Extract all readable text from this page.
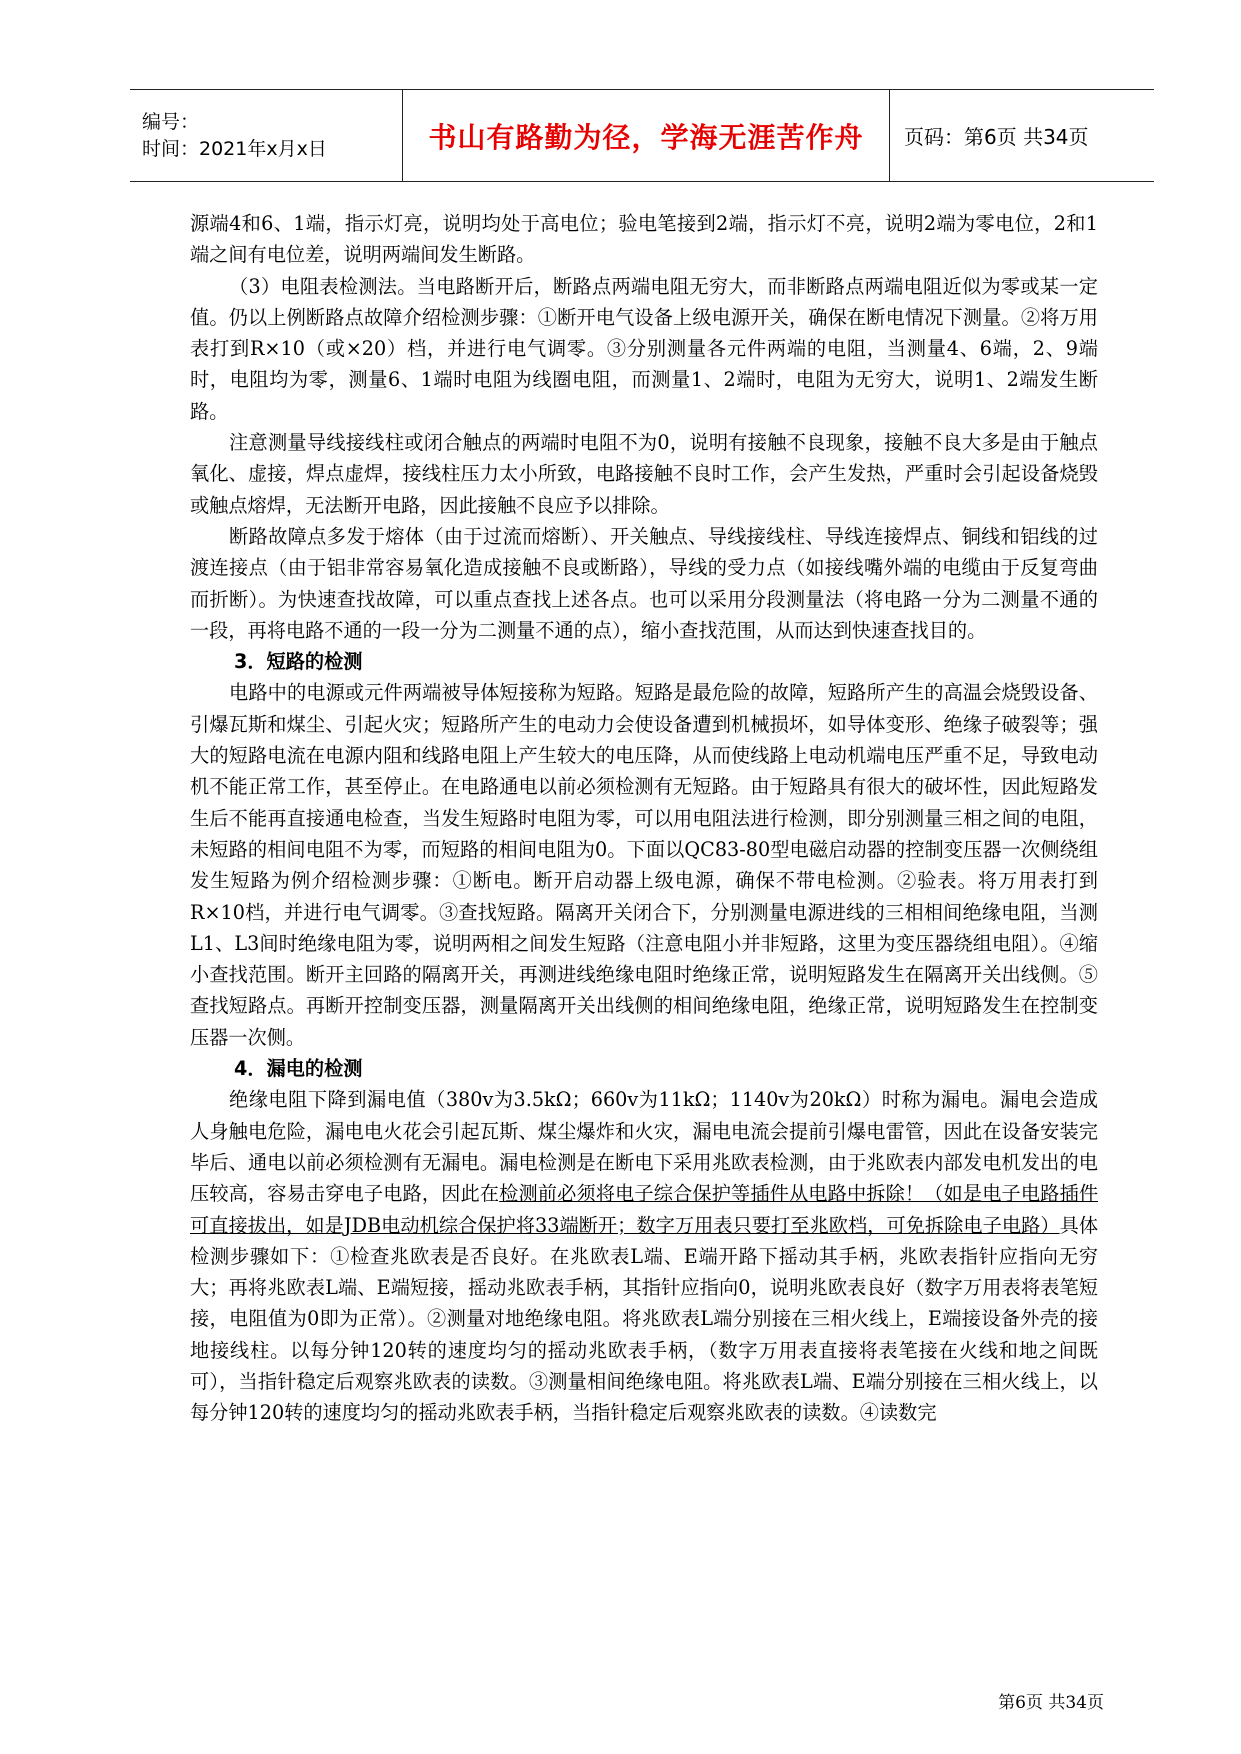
编号：
时间：2021年x月x日	书山有路勤为径，学海无涯苦作舟	页码：第6页 共34页

源端4和6、1端，指示灯亮，说明均处于高电位；验电笔接到2端，指示灯不亮，说明2端为零电位，2和1端之间有电位差，说明两端间发生断路。

（3）电阻表检测法。当电路断开后，断路点两端电阻无穷大，而非断路点两端电阻近似为零或某一定值。仍以上例断路点故障介绍检测步骤：①断开电气设备上级电源开关，确保在断电情况下测量。②将万用表打到R×10（或×20）档，并进行电气调零。③分别测量各元件两端的电阻，当测量4、6端，2、9端时，电阻均为零，测量6、1端时电阻为线圈电阻，而测量1、2端时，电阻为无穷大，说明1、2端发生断路。

注意测量导线接线柱或闭合触点的两端时电阻不为0，说明有接触不良现象，接触不良大多是由于触点氧化、虚接，焊点虚焊，接线柱压力太小所致，电路接触不良时工作，会产生发热，严重时会引起设备烧毁或触点熔焊，无法断开电路，因此接触不良应予以排除。

断路故障点多发于熔体（由于过流而熔断）、开关触点、导线接线柱、导线连接焊点、铜线和铝线的过渡连接点（由于铝非常容易氧化造成接触不良或断路），导线的受力点（如接线嘴外端的电缆由于反复弯曲而折断）。为快速查找故障，可以重点查找上述各点。也可以采用分段测量法（将电路一分为二测量不通的一段，再将电路不通的一段一分为二测量不通的点），缩小查找范围，从而达到快速查找目的。

3．短路的检测

电路中的电源或元件两端被导体短接称为短路。短路是最危险的故障，短路所产生的高温会烧毁设备、引爆瓦斯和煤尘、引起火灾；短路所产生的电动力会使设备遭到机械损坏，如导体变形、绝缘子破裂等；强大的短路电流在电源内阻和线路电阻上产生较大的电压降，从而使线路上电动机端电压严重不足，导致电动机不能正常工作，甚至停止。在电路通电以前必须检测有无短路。由于短路具有很大的破坏性，因此短路发生后不能再直接通电检查，当发生短路时电阻为零，可以用电阻法进行检测，即分别测量三相之间的电阻，未短路的相间电阻不为零，而短路的相间电阻为0。下面以QC83-80型电磁启动器的控制变压器一次侧绕组发生短路为例介绍检测步骤：①断电。断开启动器上级电源，确保不带电检测。②验表。将万用表打到R×10档，并进行电气调零。③查找短路。隔离开关闭合下，分别测量电源进线的三相相间绝缘电阻，当测L1、L3间时绝缘电阻为零，说明两相之间发生短路（注意电阻小并非短路，这里为变压器绕组电阻）。④缩小查找范围。断开主回路的隔离开关，再测进线绝缘电阻时绝缘正常，说明短路发生在隔离开关出线侧。⑤查找短路点。再断开控制变压器，测量隔离开关出线侧的相间绝缘电阻，绝缘正常，说明短路发生在控制变压器一次侧。

4．漏电的检测

绝缘电阻下降到漏电值（380v为3.5kΩ；660v为11kΩ；1140v为20kΩ）时称为漏电。漏电会造成人身触电危险，漏电电火花会引起瓦斯、煤尘爆炸和火灾，漏电电流会提前引爆电雷管，因此在设备安装完毕后、通电以前必须检测有无漏电。漏电检测是在断电下采用兆欧表检测，由于兆欧表内部发电机发出的电压较高，容易击穿电子电路，因此在检测前必须将电子综合保护等插件从电路中拆除！（如是电子电路插件可直接拔出，如是JDB电动机综合保护将33端断开；数字万用表只要打至兆欧档，可免拆除电子电路）具体检测步骤如下：①检查兆欧表是否良好。在兆欧表L端、E端开路下摇动其手柄，兆欧表指针应指向无穷大；再将兆欧表L端、E端短接，摇动兆欧表手柄，其指针应指向0，说明兆欧表良好（数字万用表将表笔短接，电阻值为0即为正常）。②测量对地绝缘电阻。将兆欧表L端分别接在三相火线上，E端接设备外壳的接地接线柱。以每分钟120转的速度均匀的摇动兆欧表手柄，（数字万用表直接将表笔接在火线和地之间既可），当指针稳定后观察兆欧表的读数。③测量相间绝缘电阻。将兆欧表L端、E端分别接在三相火线上，以每分钟120转的速度均匀的摇动兆欧表手柄，当指针稳定后观察兆欧表的读数。④读数完

第6页 共34页
